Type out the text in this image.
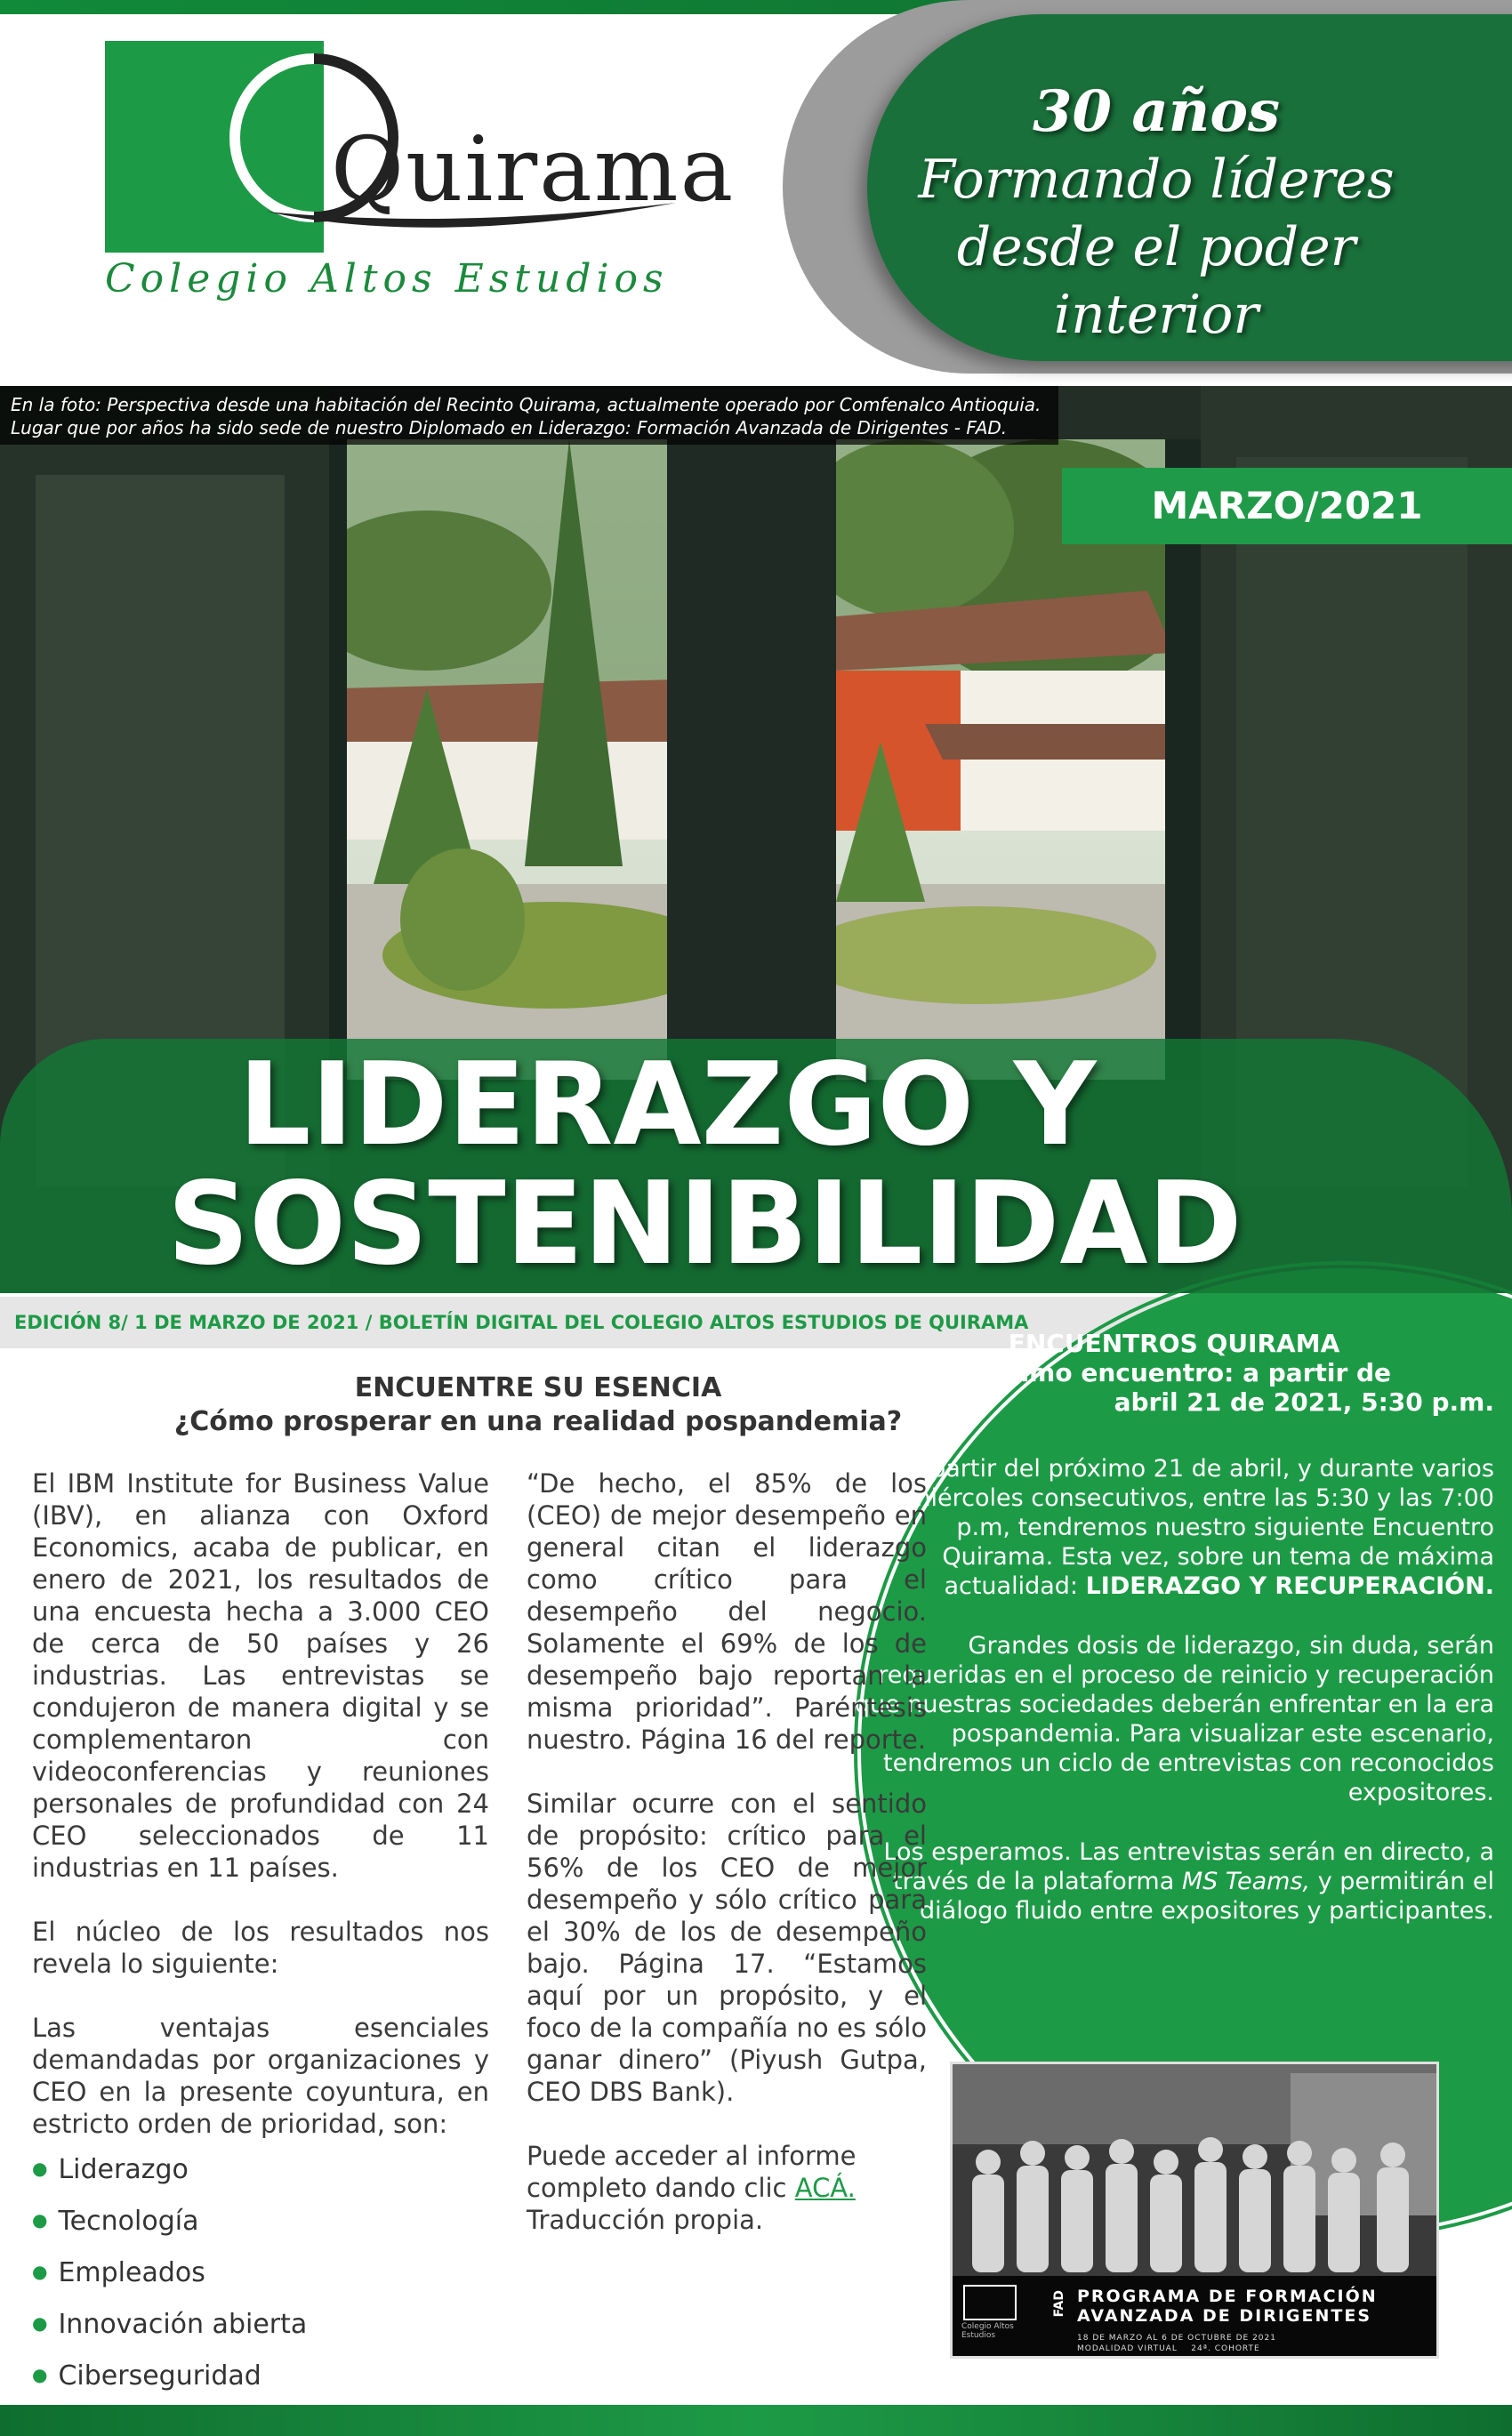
Quirama
Colegio Altos Estudios
30 años
Formando líderes
desde el poder interior
En la foto: Perspectiva desde una habitación del Recinto Quirama, actualmente operado por Comfenalco Antioquia.
Lugar que por años ha sido sede de nuestro Diplomado en Liderazgo: Formación Avanzada de Dirigentes - FAD.
MARZO/2021
LIDERAZGO Y
SOSTENIBILIDAD
EDICIÓN 8/ 1 DE MARZO DE 2021 / BOLETÍN DIGITAL DEL COLEGIO ALTOS ESTUDIOS DE QUIRAMA
ENCUENTROS QUIRAMA
Próximo encuentro: a partir de
abril 21 de 2021, 5:30 p.m.

A partir del próximo 21 de abril, y durante varios miércoles consecutivos, entre las 5:30 y las 7:00 p.m, tendremos nuestro siguiente Encuentro Quirama. Esta vez, sobre un tema de máxima actualidad: LIDERAZGO Y RECUPERACIÓN.

Grandes dosis de liderazgo, sin duda, serán requeridas en el proceso de reinicio y recuperación que nuestras sociedades deberán enfrentar en la era pospandemia. Para visualizar este escenario, tendremos un ciclo de entrevistas con reconocidos expositores.

Los esperamos. Las entrevistas serán en directo, a través de la plataforma MS Teams, y permitirán el diálogo fluido entre expositores y participantes.

ENCUENTRE SU ESENCIA
¿Cómo prosperar en una realidad pospandemia?

El IBM Institute for Business Value (IBV), en alianza con Oxford Economics, acaba de publicar, en enero de 2021, los resultados de una encuesta hecha a 3.000 CEO de cerca de 50 países y 26 industrias. Las entrevistas se condujeron de manera digital y se complementaron con videoconferencias y reuniones personales de profundidad con 24 CEO seleccionados de 11 industrias en 11 países.

El núcleo de los resultados nos revela lo siguiente:

Las ventajas esenciales demandadas por organizaciones y CEO en la presente coyuntura, en estricto orden de prioridad, son:

● Liderazgo
● Tecnología
● Empleados
● Innovación abierta
● Ciberseguridad

“De hecho, el 85% de los (CEO) de mejor desempeño en general citan el liderazgo como crítico para el desempeño del negocio. Solamente el 69% de los de desempeño bajo reportan la misma prioridad”. Paréntesis nuestro. Página 16 del reporte.

Similar ocurre con el sentido de propósito: crítico para el 56% de los CEO de mejor desempeño y sólo crítico para el 30% de los de desempeño bajo. Página 17. “Estamos aquí por un propósito, y el foco de la compañía no es sólo ganar dinero” (Piyush Gutpa, CEO DBS Bank).

Puede acceder al informe completo dando clic ACÁ.
Traducción propia.

Colegio Altos Estudios
FAD PROGRAMA DE FORMACIÓN
AVANZADA DE DIRIGENTES
18 DE MARZO AL 6 DE OCTUBRE DE 2021
MODALIDAD VIRTUAL 24ª. COHORTE
